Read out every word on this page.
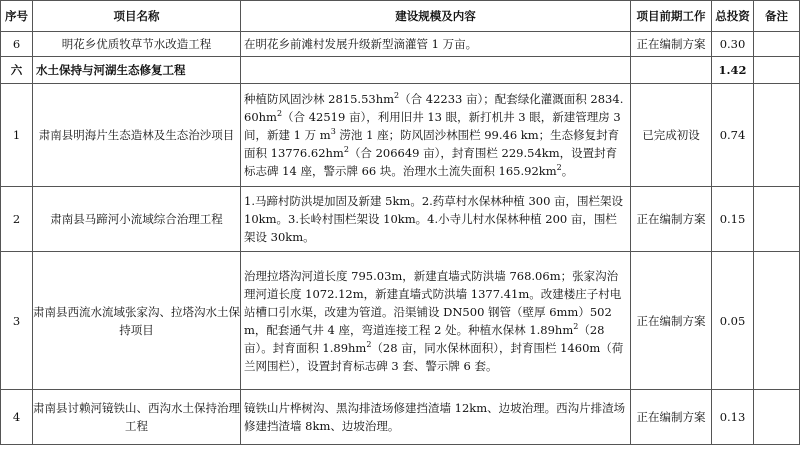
序号	项目名称	建设规模及内容	项目前期工作	总投资	备注
6	明花乡优质牧草节水改造工程	在明花乡前滩村发展升级新型滴灌管 1 万亩。	正在编制方案	0.30	
六	水土保持与河湖生态修复工程			1.42	
1	肃南县明海片生态造林及生态治沙项目	种植防风固沙林 $2815.53hm^2$（合 42233 亩）；配套绿化灌溉面积 $2834.60hm^2$（合 42519 亩），利用旧井 13 眼，新打机井 3 眼，新建管理房 3 间，新建 1 万 $m^3$ 涝池 1 座；防风固沙林围栏 99.46 km；生态修复封育面积 $13776.62hm^2$（合 206649 亩），封育围栏 229.54km，设置封育标志碑 14 座，警示牌 66 块。治理水土流失面积 $165.92km^2$。	已完成初设	0.74	
2	肃南县马蹄河小流域综合治理工程	1.马蹄村防洪堤加固及新建 5km。2.药草村水保林种植 300 亩，围栏架设 10km。3.长岭村围栏架设 10km。4.小寺儿村水保林种植 200 亩，围栏架设 30km。	正在编制方案	0.15	
3	肃南县西流水流域张家沟、拉塔沟水土保持项目	治理拉塔沟河道长度 795.03m，新建直墙式防洪墙 768.06m；张家沟治理河道长度 1072.12m，新建直墙式防洪墙 1377.41m。改建楼庄子村电站槽口引水渠，改建为管道。沿渠铺设 DN500 钢管（壁厚 6mm）502m，配套通气井 4 座，弯道连接工程 2 处。种植水保林 $1.89hm^2(28$ 亩）。封育面积 $1.89hm^2(28$ 亩，同水保林面积），封育围栏 1460m（荷兰网围栏），设置封育标志碑 3 套、警示牌 6 套。	正在编制方案	0.05	
4	肃南县讨赖河镜铁山、西沟水土保持治理工程	镜铁山片桦树沟、黑沟排渣场修建挡渣墙 12km、边坡治理。西沟片排渣场修建挡渣墙 8km、边坡治理。	正在编制方案	0.13	
